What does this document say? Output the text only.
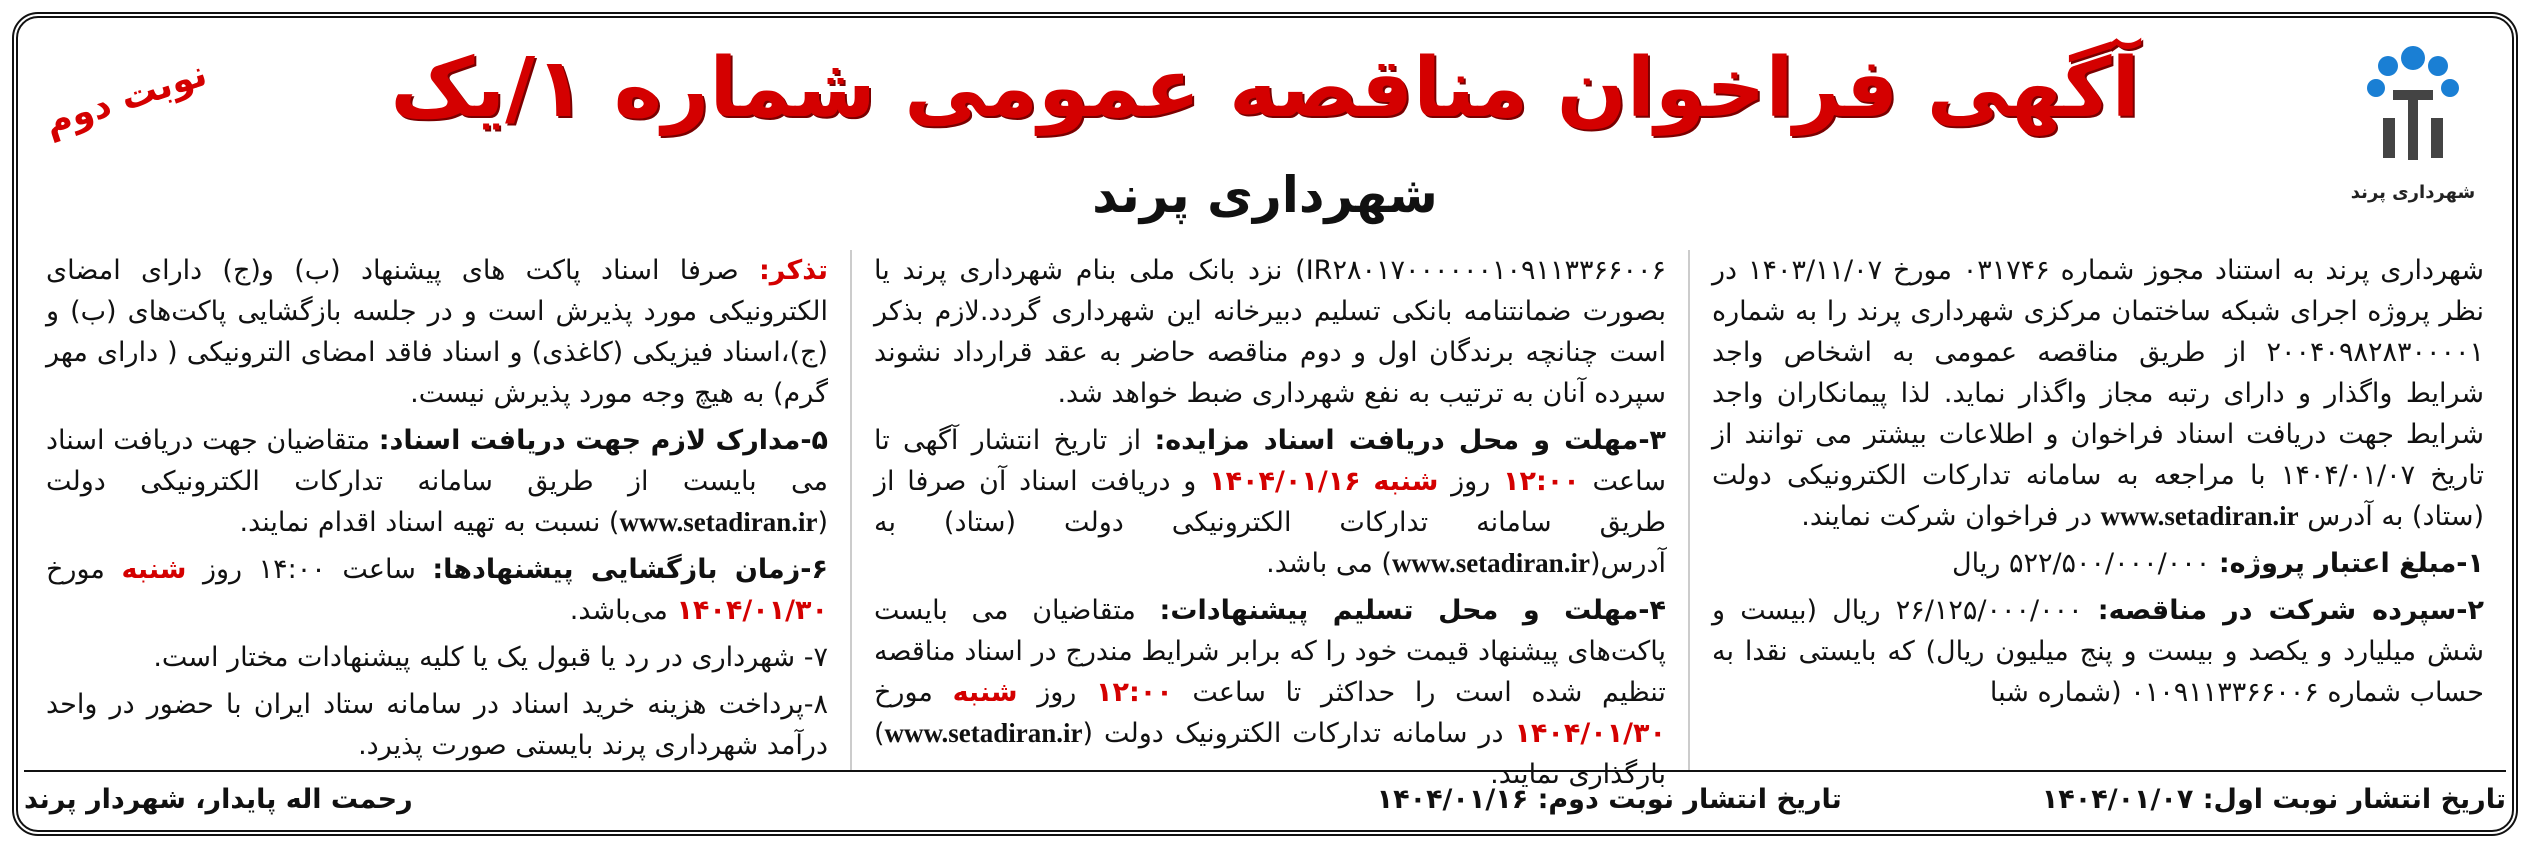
شهرداری پرند
نوبت دوم	آگهی فراخوان مناقصه عمومی شماره ۱/یک
شهرداری پرند

شهرداری پرند به استناد مجوز شماره ۰۳۱۷۴۶ مورخ ۱۴۰۳/۱۱/۰۷ در نظر پروژه اجرای شبکه ساختمان مرکزی شهرداری پرند را به شماره ۲۰۰۴۰۹۸۲۸۳۰۰۰۰۱ از طریق مناقصه عمومی به اشخاص واجد شرایط واگذار و دارای رتبه مجاز واگذار نماید. لذا پیمانکاران واجد شرایط جهت دریافت اسناد فراخوان و اطلاعات بیشتر می توانند از تاریخ ۱۴۰۴/۰۱/۰۷ با مراجعه به سامانه تدارکات الکترونیکی دولت (ستاد) به آدرس www.setadiran.ir در فراخوان شرکت نمایند.

۱-مبلغ اعتبار پروژه: ۵۲۲/۵۰۰/۰۰۰/۰۰۰ ریال

۲-سپرده شرکت در مناقصه: ۲۶/۱۲۵/۰۰۰/۰۰۰ ریال (بیست و شش میلیارد و یکصد و بیست و پنج میلیون ریال) که بایستی نقدا به حساب شماره ۰۱۰۹۱۱۳۳۶۶۰۰۶ (شماره شبا

IR۲۸۰۱۷۰۰۰۰۰۰۱۰۹۱۱۳۳۶۶۰۰۶) نزد بانک ملی بنام شهرداری پرند یا بصورت ضمانتنامه بانکی تسلیم دبیرخانه این شهرداری گردد.لازم بذکر است چنانچه برندگان اول و دوم مناقصه حاضر به عقد قرارداد نشوند سپرده آنان به ترتیب به نفع شهرداری ضبط خواهد شد.

۳-مهلت و محل دریافت اسناد مزایده: از تاریخ انتشار آگهی تا ساعت ۱۲:۰۰ روز شنبه ۱۴۰۴/۰۱/۱۶ و دریافت اسناد آن صرفا از طریق سامانه تدارکات الکترونیکی دولت (ستاد) به آدرس(www.setadiran.ir) می باشد.

۴-مهلت و محل تسلیم پیشنهادات: متقاضیان می بایست پاکت‌های پیشنهاد قیمت خود را که برابر شرایط مندرج در اسناد مناقصه تنظیم شده است را حداکثر تا ساعت ۱۲:۰۰ روز شنبه مورخ ۱۴۰۴/۰۱/۳۰ در سامانه تدارکات الکترونیک دولت (www.setadiran.ir) بارگذاری نمایند.

تذکر: صرفا اسناد پاکت های پیشنهاد (ب) و(ج) دارای امضای الکترونیکی مورد پذیرش است و در جلسه بازگشایی پاکت‌های (ب) و (ج)،اسناد فیزیکی (کاغذی) و اسناد فاقد امضای الترونیکی ( دارای مهر گرم) به هیچ وجه مورد پذیرش نیست.

۵-مدارک لازم جهت دریافت اسناد: متقاضیان جهت دریافت اسناد می بایست از طریق سامانه تدارکات الکترونیکی دولت (www.setadiran.ir) نسبت به تهیه اسناد اقدام نمایند.

۶-زمان بازگشایی پیشنهادها: ساعت ۱۴:۰۰ روز شنبه مورخ ۱۴۰۴/۰۱/۳۰ می‌باشد.

۷- شهرداری در رد یا قبول یک یا کلیه پیشنهادات مختار است.

۸-پرداخت هزینه خرید اسناد در سامانه ستاد ایران با حضور در واحد درآمد شهرداری پرند بایستی صورت پذیرد.

تاریخ انتشار نوبت اول: ۱۴۰۴/۰۱/۰۷
تاریخ انتشار نوبت دوم: ۱۴۰۴/۰۱/۱۶
رحمت اله پایدار، شهردار پرند
